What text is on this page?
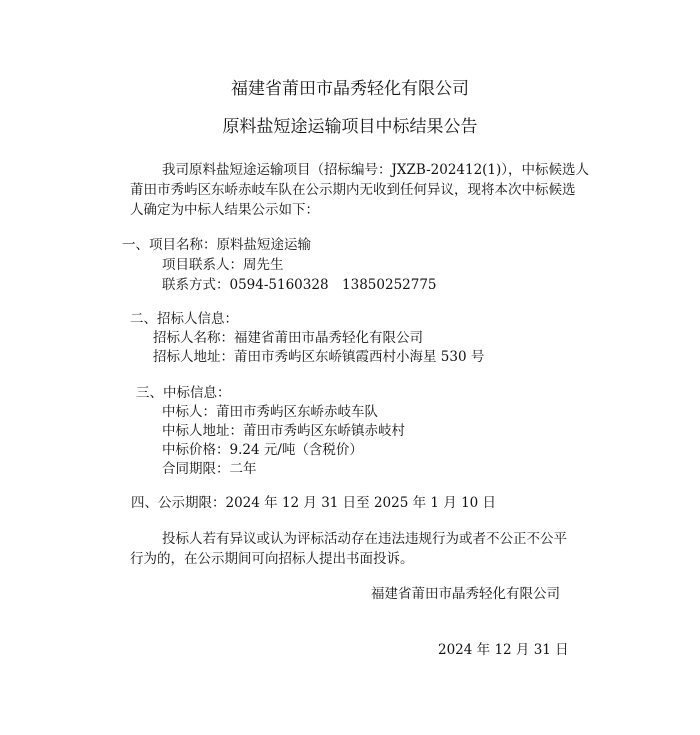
福建省莆田市晶秀轻化有限公司
原料盐短途运输项目中标结果公告
我司原料盐短途运输项目（招标编号：JXZB-202412(1)），中标候选人
莆田市秀屿区东峤赤岐车队在公示期内无收到任何异议，现将本次中标候选
人确定为中标人结果公示如下：
一、项目名称：原料盐短途运输
项目联系人：周先生
联系方式：0594-5160328　13850252775
二、招标人信息：
招标人名称：福建省莆田市晶秀轻化有限公司
招标人地址：莆田市秀屿区东峤镇霞西村小海星 530 号
三、中标信息：
中标人：莆田市秀屿区东峤赤岐车队
中标人地址：莆田市秀屿区东峤镇赤岐村
中标价格：9.24 元/吨（含税价）
合同期限：二年
四、公示期限：2024 年 12 月 31 日至 2025 年 1 月 10 日
投标人若有异议或认为评标活动存在违法违规行为或者不公正不公平
行为的，在公示期间可向招标人提出书面投诉。
福建省莆田市晶秀轻化有限公司
2024 年 12 月 31 日
